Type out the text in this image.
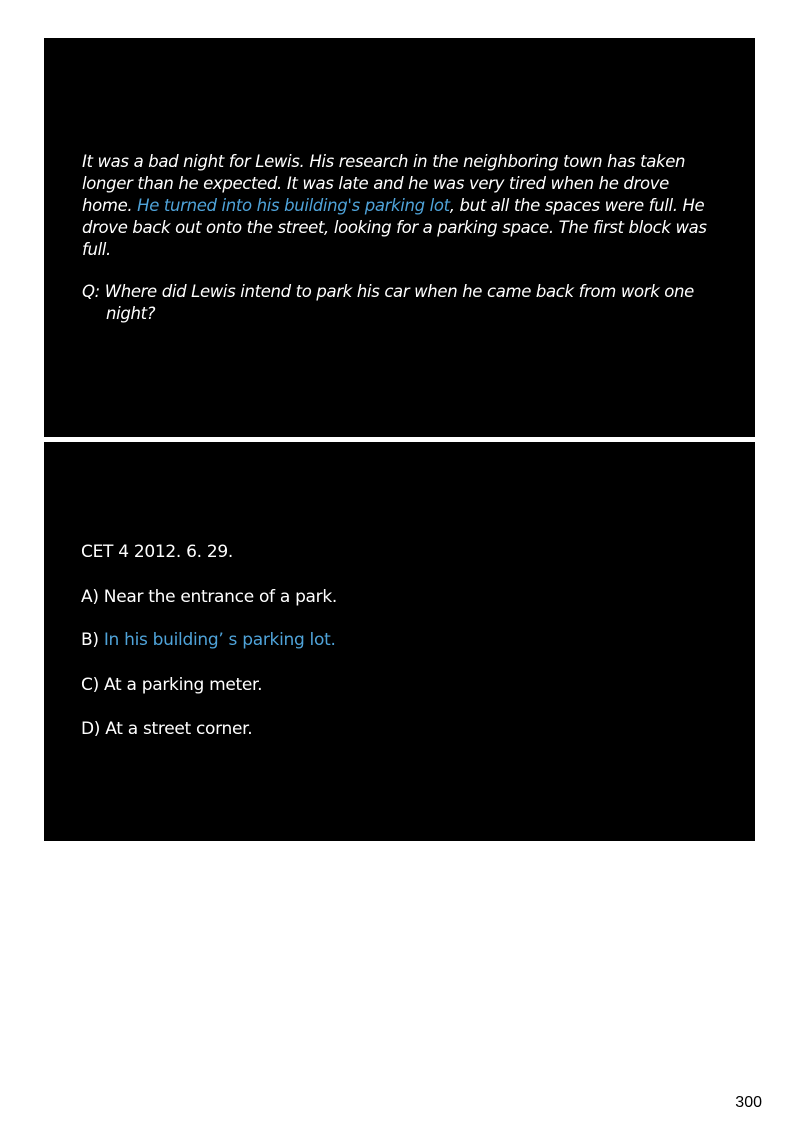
It was a bad night for Lewis. His research in the neighboring town has taken longer than he expected. It was late and he was very tired when he drove home. He turned into his building's parking lot, but all the spaces were full. He drove back out onto the street, looking for a parking space. The first block was full.

Q: Where did Lewis intend to park his car when he came back from work one night?

CET 4 2012. 6. 29.
A) Near the entrance of a park.
B) In his building’ s parking lot.
C) At a parking meter.
D) At a street corner.
300
